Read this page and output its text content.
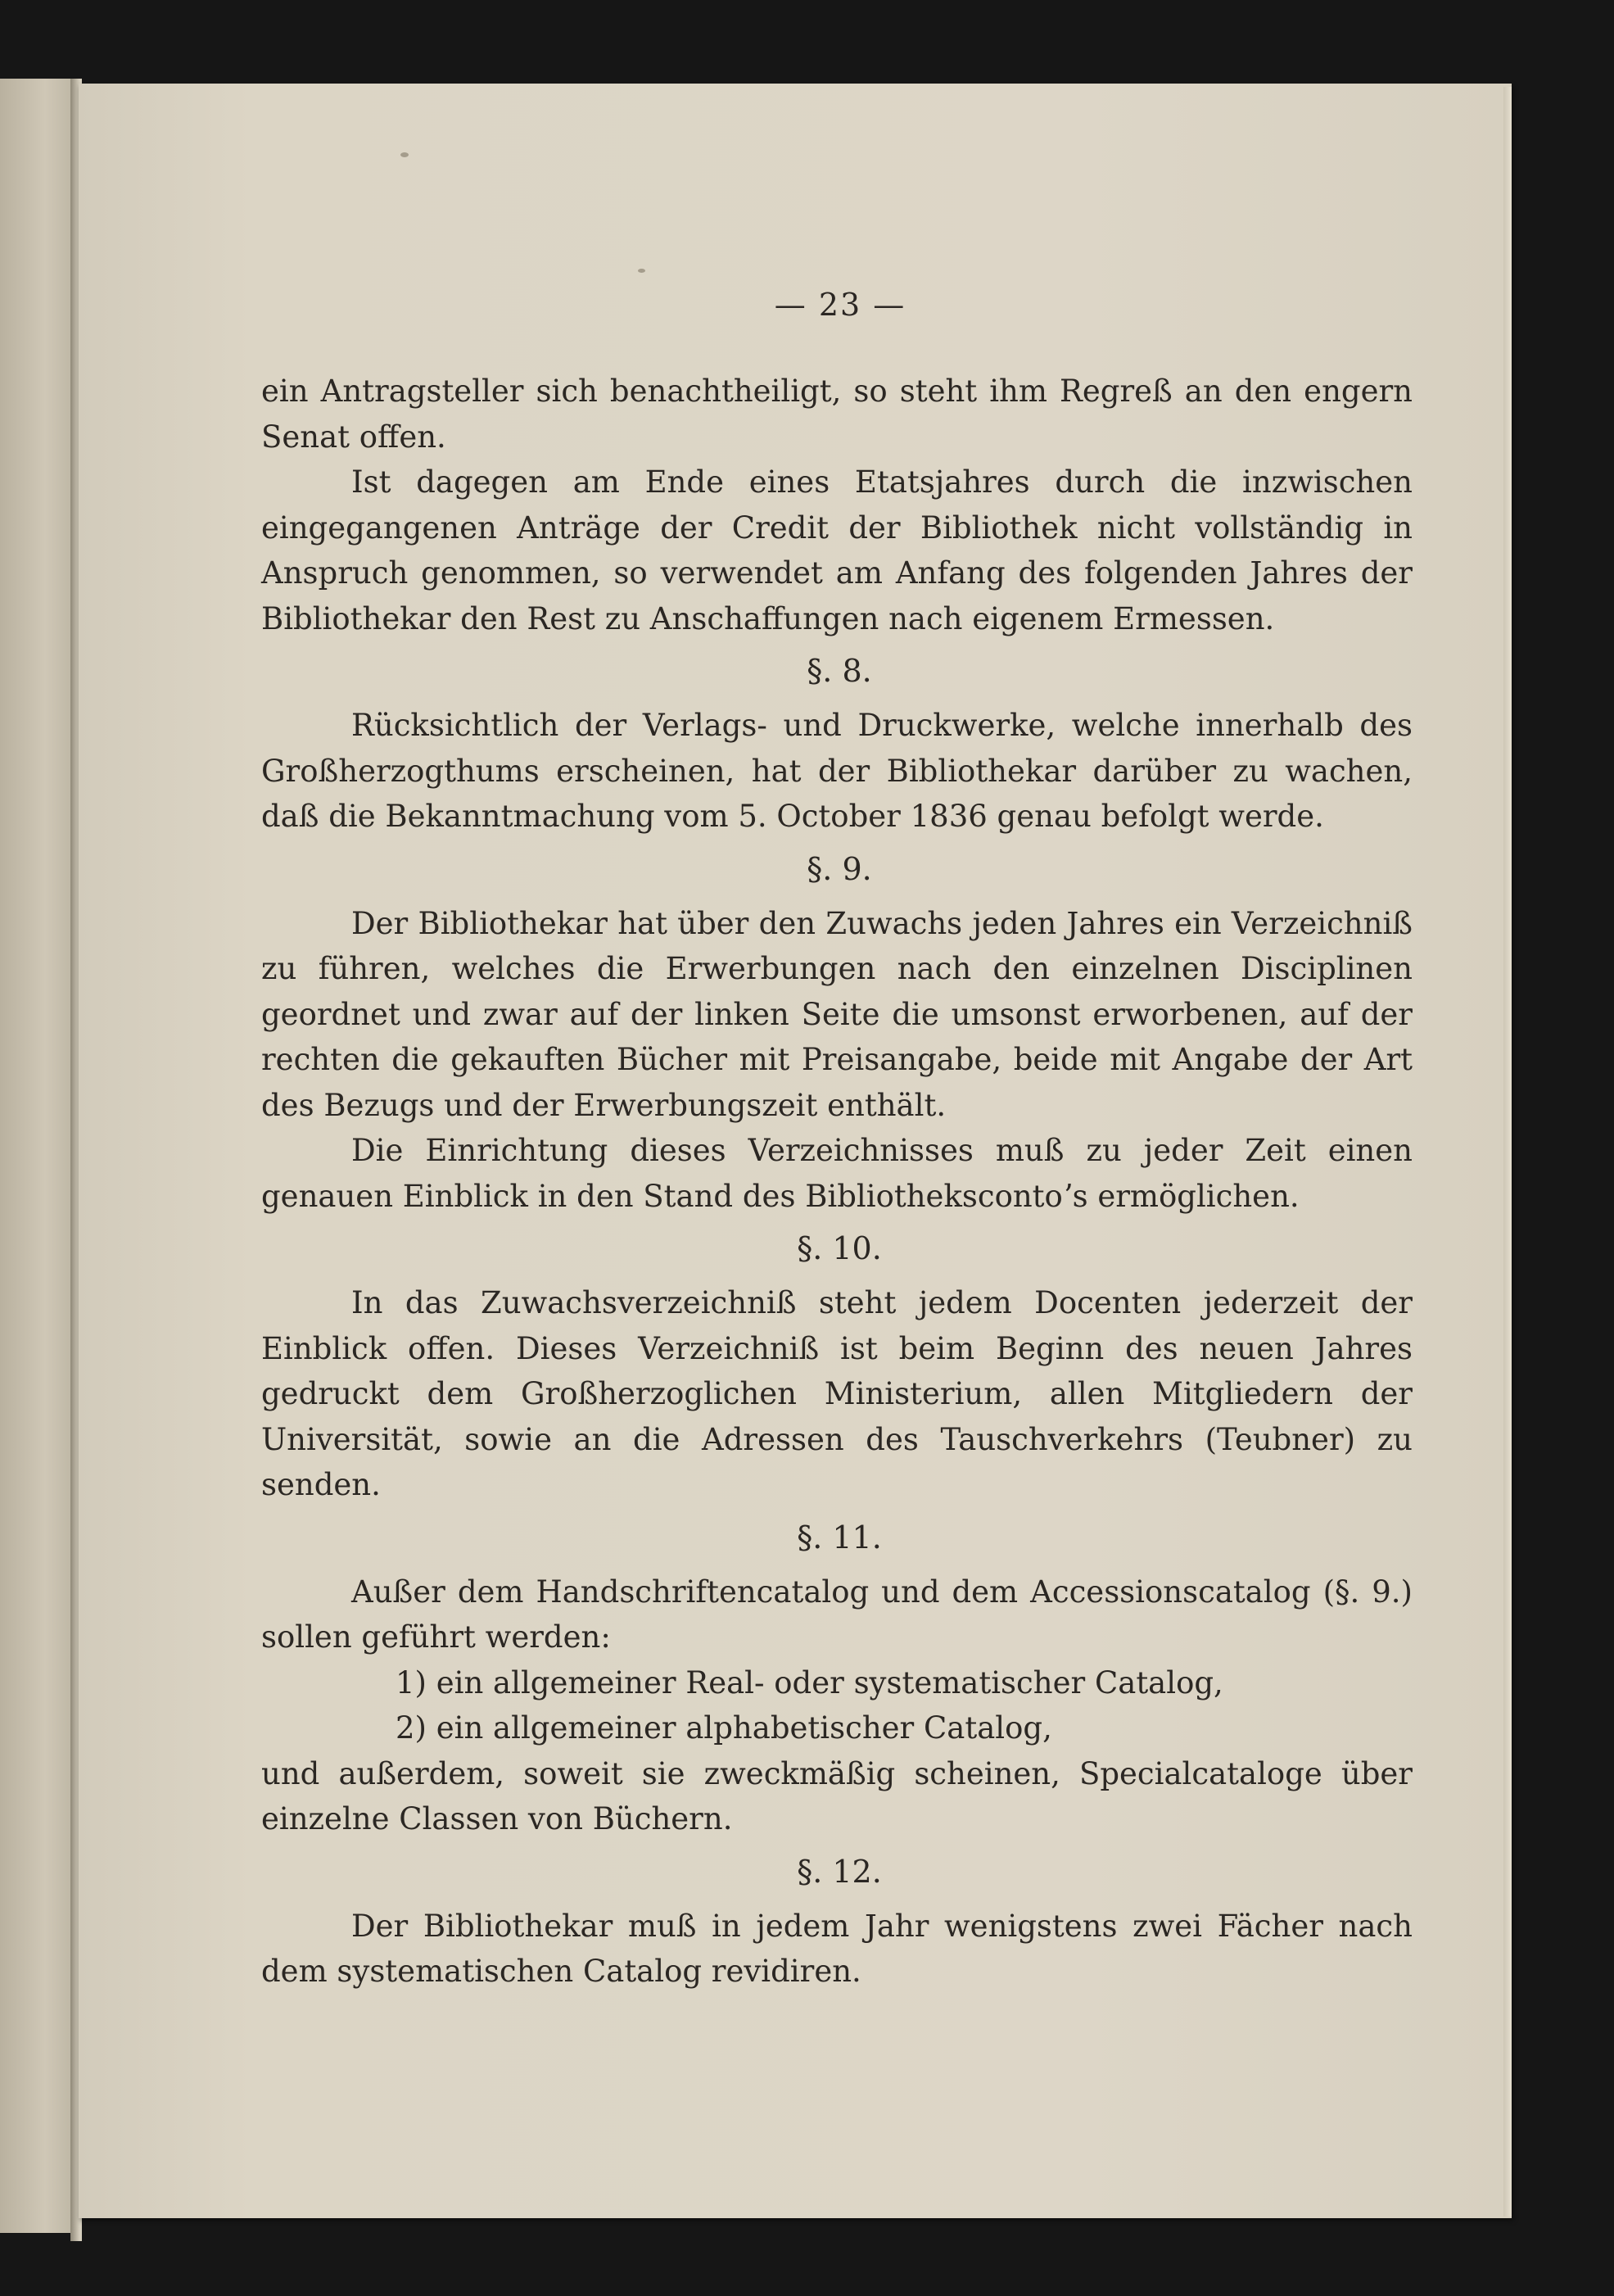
— 23 —

ein Antragsteller sich benachtheiligt, so steht ihm Regreß an den engern Senat offen.

Ist dagegen am Ende eines Etatsjahres durch die inzwischen eingegangenen Anträge der Credit der Bibliothek nicht vollständig in Anspruch genommen, so verwendet am Anfang des folgenden Jahres der Bibliothekar den Rest zu Anschaffungen nach eigenem Ermessen.

§. 8.

Rücksichtlich der Verlags- und Druckwerke, welche innerhalb des Großherzogthums erscheinen, hat der Bibliothekar darüber zu wachen, daß die Bekanntmachung vom 5. October 1836 genau befolgt werde.

§. 9.

Der Bibliothekar hat über den Zuwachs jeden Jahres ein Verzeichniß zu führen, welches die Erwerbungen nach den einzelnen Disciplinen geordnet und zwar auf der linken Seite die umsonst erworbenen, auf der rechten die gekauften Bücher mit Preisangabe, beide mit Angabe der Art des Bezugs und der Erwerbungszeit enthält.

Die Einrichtung dieses Verzeichnisses muß zu jeder Zeit einen genauen Einblick in den Stand des Bibliothekscontoʼs ermöglichen.

§. 10.

In das Zuwachsverzeichniß steht jedem Docenten jederzeit der Einblick offen. Dieses Verzeichniß ist beim Beginn des neuen Jahres gedruckt dem Großherzoglichen Ministerium, allen Mitgliedern der Universität, sowie an die Adressen des Tauschverkehrs (Teubner) zu senden.

§. 11.

Außer dem Handschriftencatalog und dem Accessionscatalog (§. 9.) sollen geführt werden:

1) ein allgemeiner Real- oder systematischer Catalog,

2) ein allgemeiner alphabetischer Catalog,

und außerdem, soweit sie zweckmäßig scheinen, Specialcataloge über einzelne Classen von Büchern.

§. 12.

Der Bibliothekar muß in jedem Jahr wenigstens zwei Fächer nach dem systematischen Catalog revidiren.
